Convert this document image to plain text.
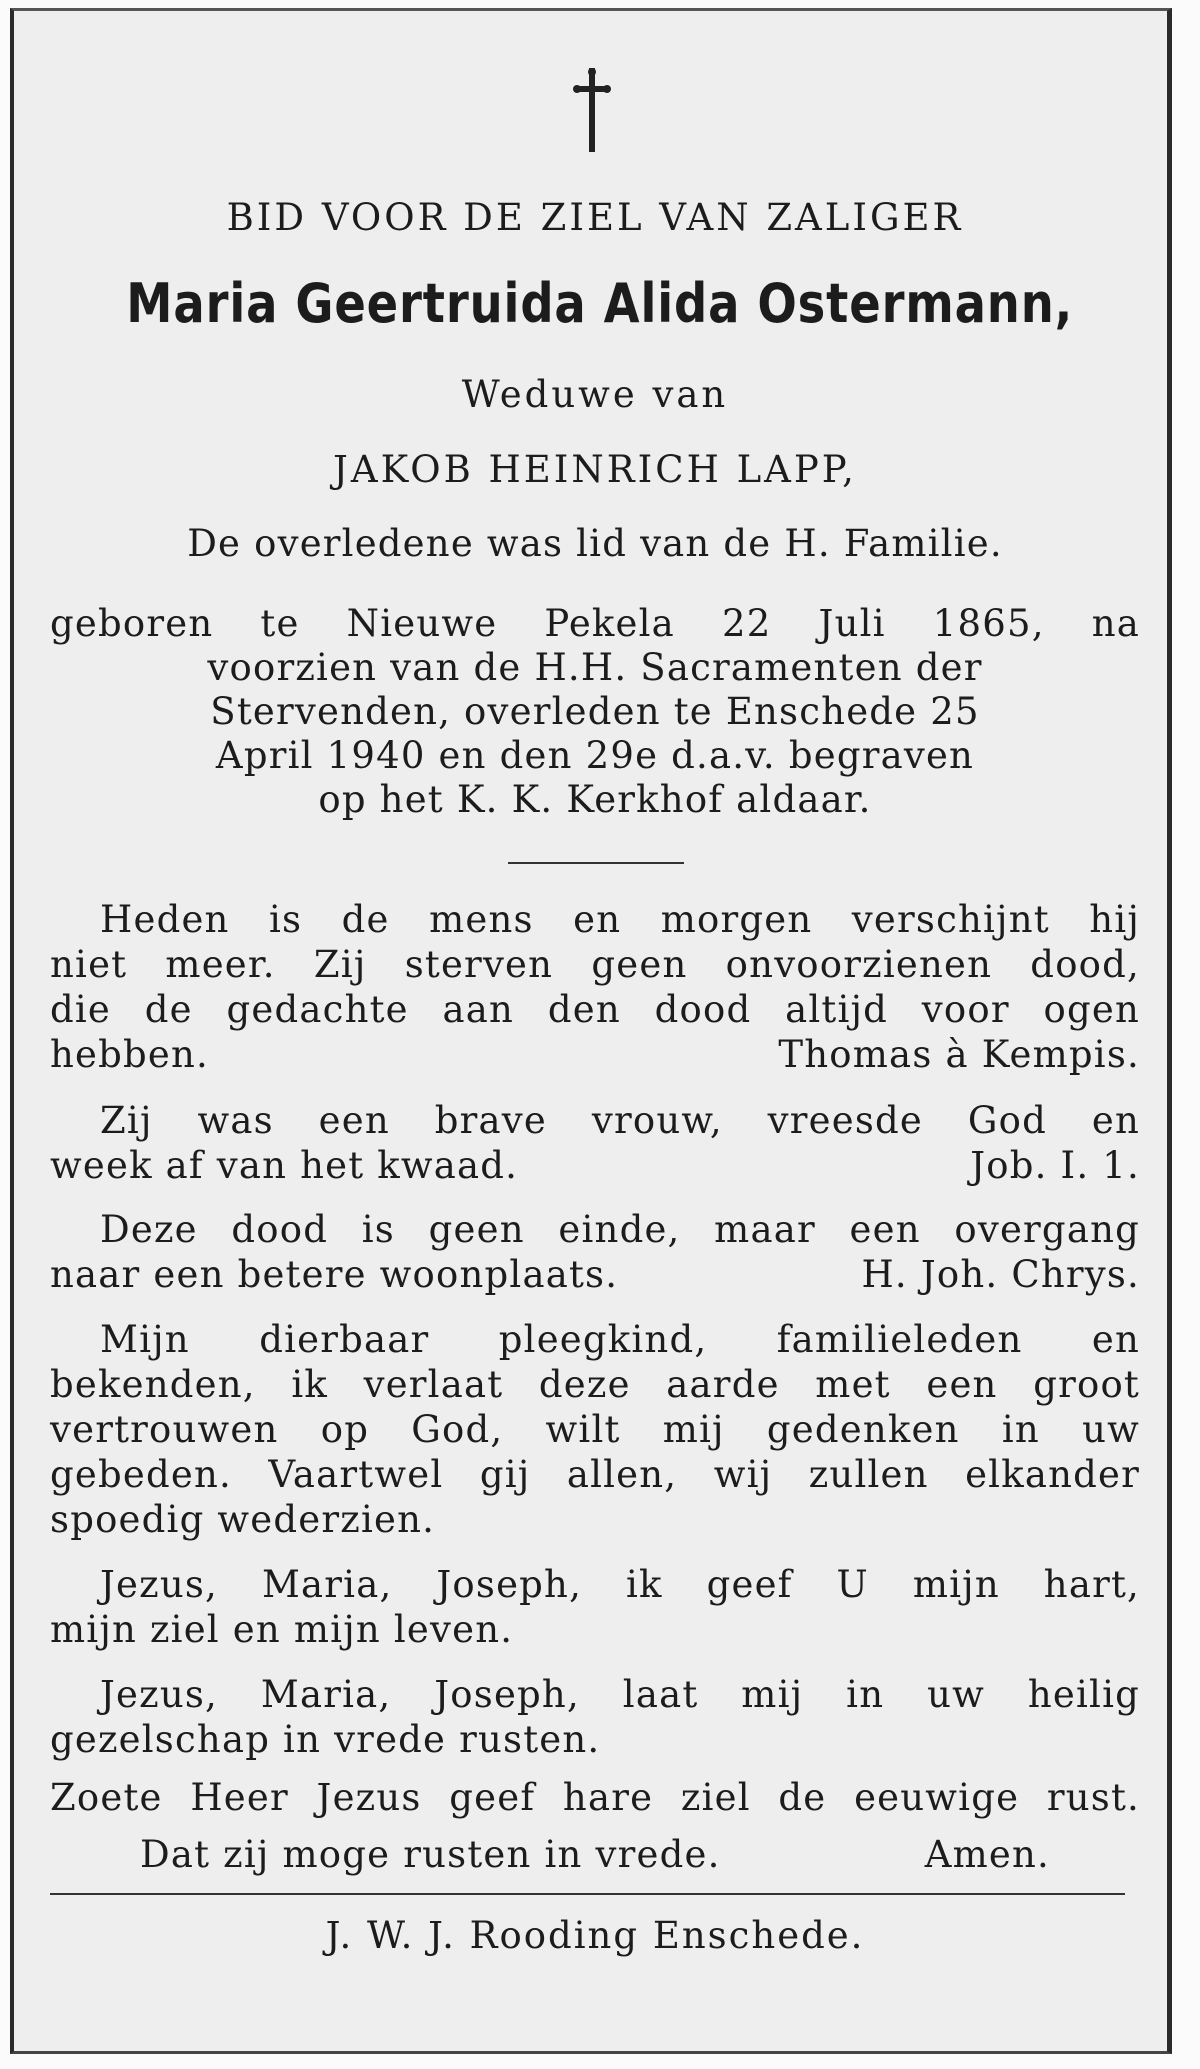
BID VOOR DE ZIEL VAN ZALIGER

Maria Geertruida Alida Ostermann,

Weduwe van

JAKOB HEINRICH LAPP,

De overledene was lid van de H. Familie.

geboren te Nieuwe Pekela 22 Juli 1865, na

voorzien van de H.H. Sacramenten der

Stervenden, overleden te Enschede 25

April 1940 en den 29e d.a.v. begraven

op het K. K. Kerkhof aldaar.

Heden is de mens en morgen verschijnt hij

niet meer. Zij sterven geen onvoorzienen dood,

die de gedachte aan den dood altijd voor ogen

hebben.	Thomas à Kempis.

Zij was een brave vrouw, vreesde God en

week af van het kwaad.	Job. I. 1.

Deze dood is geen einde, maar een overgang

naar een betere woonplaats.	H. Joh. Chrys.

Mijn dierbaar pleegkind, familieleden en

bekenden, ik verlaat deze aarde met een groot

vertrouwen op God, wilt mij gedenken in uw

gebeden. Vaartwel gij allen, wij zullen elkander

spoedig wederzien.

Jezus, Maria, Joseph, ik geef U mijn hart,

mijn ziel en mijn leven.

Jezus, Maria, Joseph, laat mij in uw heilig

gezelschap in vrede rusten.

Zoete Heer Jezus geef hare ziel de eeuwige rust.

Dat zij moge rusten in vrede.	Amen.

J. W. J. Rooding Enschede.
